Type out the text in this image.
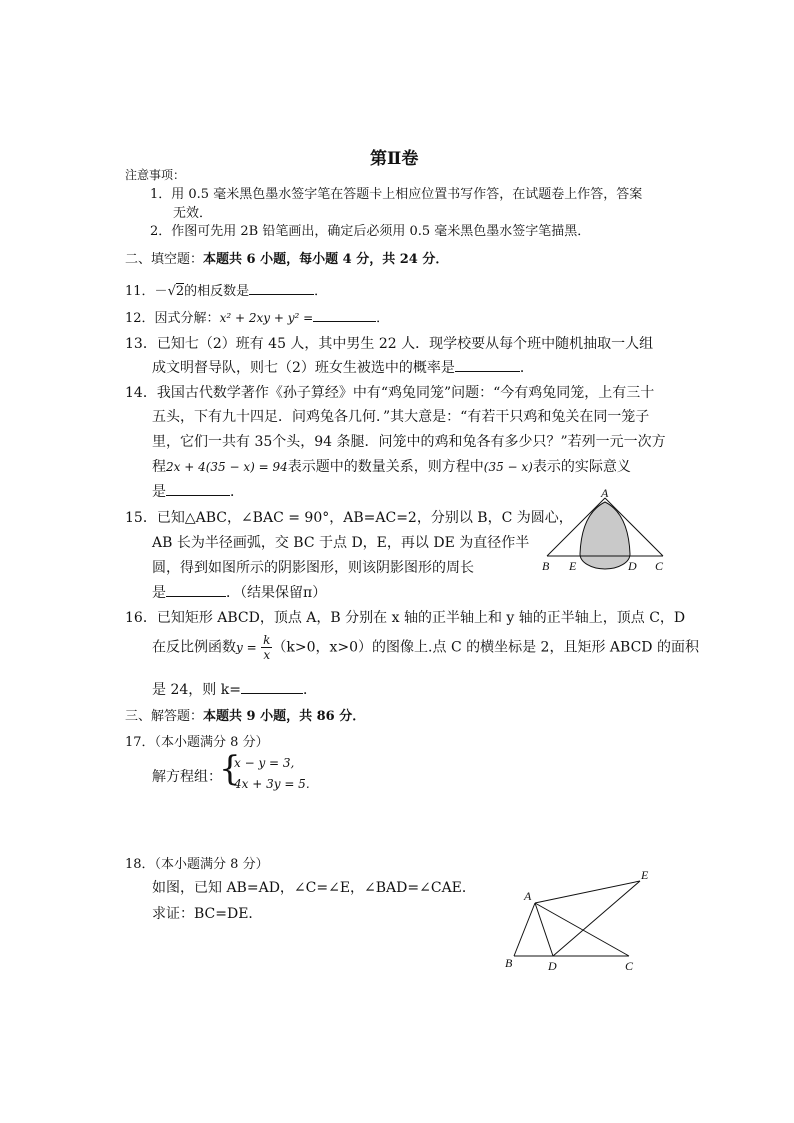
第Ⅱ卷
注意事项：
1．用 0.5 毫米黑色墨水签字笔在答题卡上相应位置书写作答，在试题卷上作答，答案
无效．
2．作图可先用 2B 铅笔画出，确定后必须用 0.5 毫米黑色墨水签字笔描黑．
二、填空题：本题共 6 小题，每小题 4 分，共 24 分．
11．－√2的相反数是	．
12．因式分解：x² + 2xy + y² =	．
13．已知七（2）班有 45 人，其中男生 22 人．现学校要从每个班中随机抽取一人组
成文明督导队，则七（2）班女生被选中的概率是	．
14．我国古代数学著作《孙子算经》中有“鸡兔同笼”问题：“今有鸡兔同笼，上有三十
五头，下有九十四足．问鸡兔各几何．”其大意是：“有若干只鸡和兔关在同一笼子
里，它们一共有 35个头，94 条腿．问笼中的鸡和兔各有多少只？”若列一元一次方
程2x + 4(35 − x) = 94表示题中的数量关系，则方程中(35 − x)表示的实际意义
是	．
15．已知△ABC，∠BAC = 90°，AB=AC=2，分别以 B，C 为圆心，
AB 长为半径画弧，交 BC 于点 D，E，再以 DE 为直径作半
圆，得到如图所示的阴影图形，则该阴影图形的周长
是	．（结果保留π）
A
B E	D C
16．已知矩形 ABCD，顶点 A，B 分别在 x 轴的正半轴上和 y 轴的正半轴上，顶点 C，D
在反比例函数$y = \frac{k}{x} (k>0$，x>0）的图像上.点 C 的横坐标是 2，且矩形 ABCD 的面积
是 24，则 k=	．
三、解答题：本题共 9 小题，共 86 分．
17．（本小题满分 8 分）
解方程组：
{
x − y = 3,
4x + 3y = 5.
18．（本小题满分 8 分）
如图，已知 AB=AD，∠C=∠E，∠BAD=∠CAE．
求证：BC=DE．
A
B	D	C
E
